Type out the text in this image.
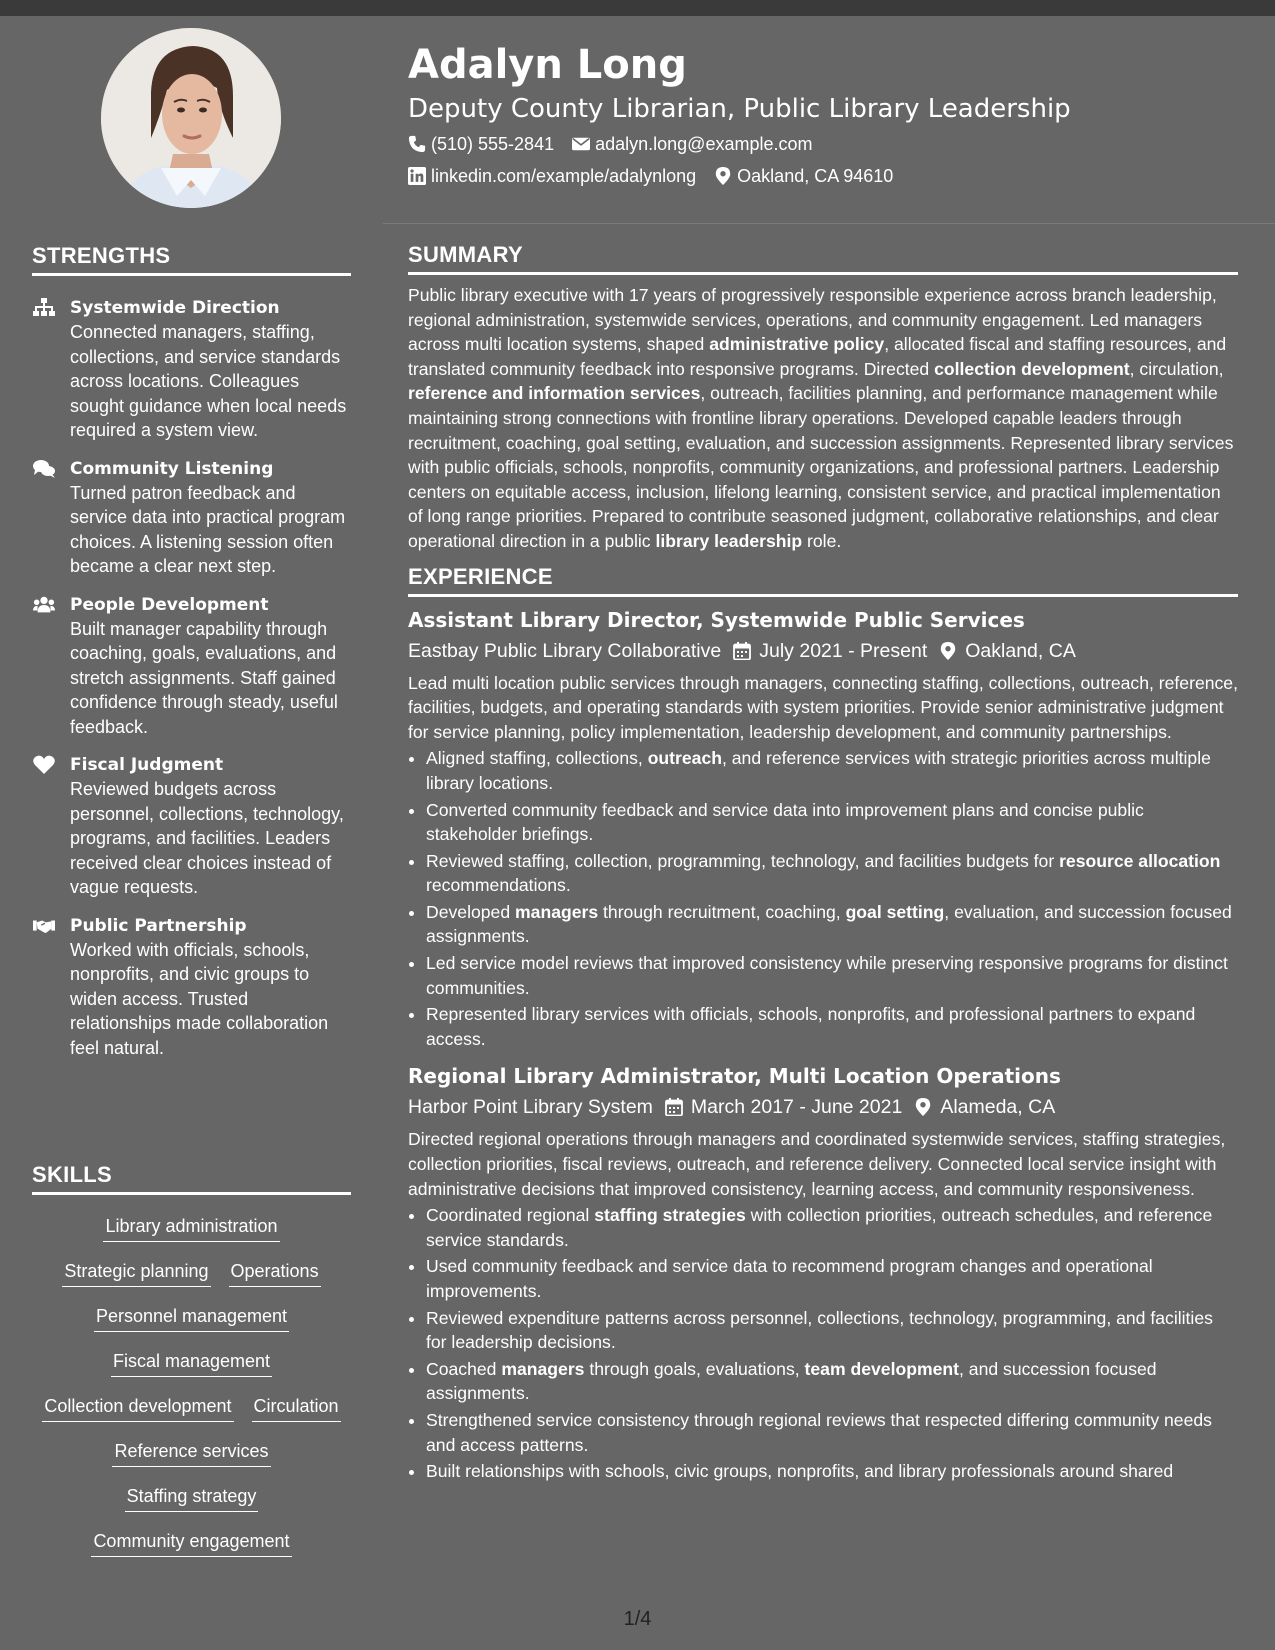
STRENGTHS
Systemwide Direction
Connected managers, staffing, collections, and service standards across locations. Colleagues sought guidance when local needs required a system view.
Community Listening
Turned patron feedback and service data into practical program choices. A listening session often became a clear next step.
People Development
Built manager capability through coaching, goals, evaluations, and stretch assignments. Staff gained confidence through steady, useful feedback.
Fiscal Judgment
Reviewed budgets across personnel, collections, technology, programs, and facilities. Leaders received clear choices instead of vague requests.
Public Partnership
Worked with officials, schools, nonprofits, and civic groups to widen access. Trusted relationships made collaboration feel natural.
SKILLS
Library administration
Strategic planning Operations
Personnel management
Fiscal management
Collection development Circulation
Reference services
Staffing strategy
Community engagement
Adalyn Long
Deputy County Librarian, Public Library Leadership
(510) 555-2841 adalyn.long@example.com
linkedin.com/example/adalynlong Oakland, CA 94610
SUMMARY

Public library executive with 17 years of progressively responsible experience across branch leadership, regional administration, systemwide services, operations, and community engagement. Led managers across multi location systems, shaped administrative policy, allocated fiscal and staffing resources, and translated community feedback into responsive programs. Directed collection development, circulation, reference and information services, outreach, facilities planning, and performance management while maintaining strong connections with frontline library operations. Developed capable leaders through recruitment, coaching, goal setting, evaluation, and succession assignments. Represented library services with public officials, schools, nonprofits, community organizations, and professional partners. Leadership centers on equitable access, inclusion, lifelong learning, consistent service, and practical implementation of long range priorities. Prepared to contribute seasoned judgment, collaborative relationships, and clear operational direction in a public library leadership role.

EXPERIENCE
Assistant Library Director, Systemwide Public Services
Eastbay Public Library Collaborative July 2021 - Present Oakland, CA

Lead multi location public services through managers, connecting staffing, collections, outreach, reference, facilities, budgets, and operating standards with system priorities. Provide senior administrative judgment for service planning, policy implementation, leadership development, and community partnerships.

• Aligned staffing, collections, outreach, and reference services with strategic priorities across multiple library locations.
• Converted community feedback and service data into improvement plans and concise public stakeholder briefings.
• Reviewed staffing, collection, programming, technology, and facilities budgets for resource allocation recommendations.
• Developed managers through recruitment, coaching, goal setting, evaluation, and succession focused assignments.
• Led service model reviews that improved consistency while preserving responsive programs for distinct communities.
• Represented library services with officials, schools, nonprofits, and professional partners to expand access.
Regional Library Administrator, Multi Location Operations
Harbor Point Library System March 2017 - June 2021 Alameda, CA

Directed regional operations through managers and coordinated systemwide services, staffing strategies, collection priorities, fiscal reviews, outreach, and reference delivery. Connected local service insight with administrative decisions that improved consistency, learning access, and community responsiveness.

• Coordinated regional staffing strategies with collection priorities, outreach schedules, and reference service standards.
• Used community feedback and service data to recommend program changes and operational improvements.
• Reviewed expenditure patterns across personnel, collections, technology, programming, and facilities for leadership decisions.
• Coached managers through goals, evaluations, team development, and succession focused assignments.
• Strengthened service consistency through regional reviews that respected differing community needs and access patterns.
• Built relationships with schools, civic groups, nonprofits, and library professionals around shared
1/4
